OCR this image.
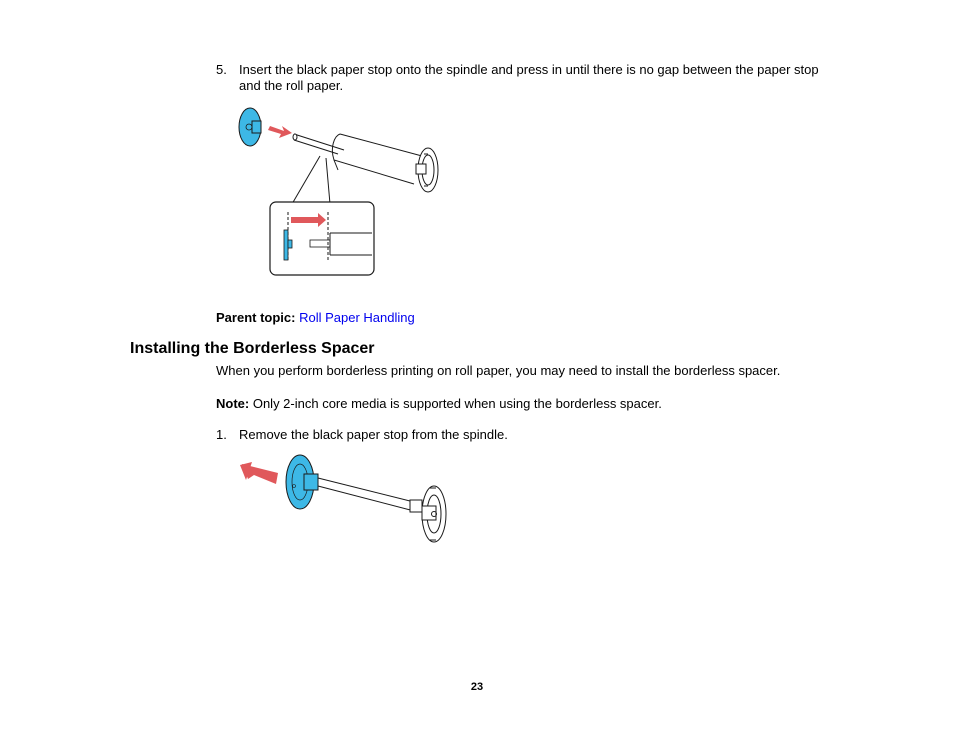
5. Insert the black paper stop onto the spindle and press in until there is no gap between the paper stop and the roll paper.
Parent topic: Roll Paper Handling
Installing the Borderless Spacer
When you perform borderless printing on roll paper, you may need to install the borderless spacer.
Note: Only 2-inch core media is supported when using the borderless spacer.
1. Remove the black paper stop from the spindle.
23
